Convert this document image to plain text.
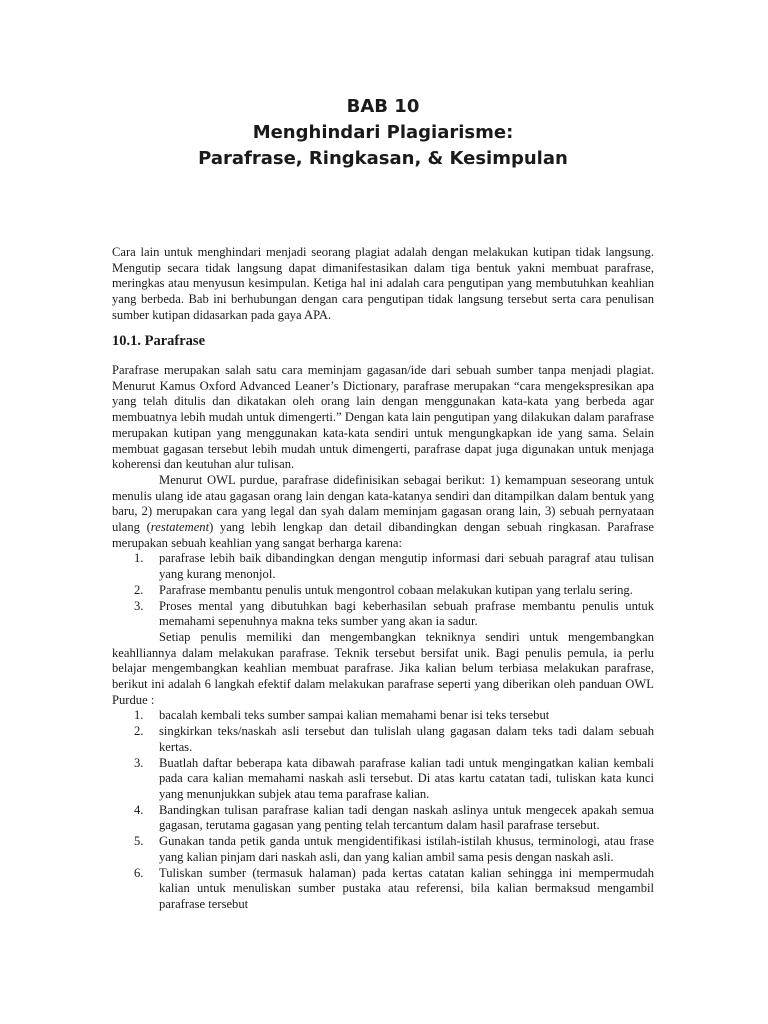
BAB 10
Menghindari Plagiarisme:
Parafrase, Ringkasan, & Kesimpulan

Cara lain untuk menghindari menjadi seorang plagiat adalah dengan melakukan kutipan tidak langsung. Mengutip secara tidak langsung dapat dimanifestasikan dalam tiga bentuk yakni membuat parafrase, meringkas atau menyusun kesimpulan. Ketiga hal ini adalah cara pengutipan yang membutuhkan keahlian yang berbeda. Bab ini berhubungan dengan cara pengutipan tidak langsung tersebut serta cara penulisan sumber kutipan didasarkan pada gaya APA.

10.1. Parafrase

Parafrase merupakan salah satu cara meminjam gagasan/ide dari sebuah sumber tanpa menjadi plagiat. Menurut Kamus Oxford Advanced Leaner’s Dictionary, parafrase merupakan “cara mengekspresikan apa yang telah ditulis dan dikatakan oleh orang lain dengan menggunakan kata-kata yang berbeda agar membuatnya lebih mudah untuk dimengerti.” Dengan kata lain pengutipan yang dilakukan dalam parafrase merupakan kutipan yang menggunakan kata-kata sendiri untuk mengungkapkan ide yang sama. Selain membuat gagasan tersebut lebih mudah untuk dimengerti, parafrase dapat juga digunakan untuk menjaga koherensi dan keutuhan alur tulisan.

Menurut OWL purdue, parafrase didefinisikan sebagai berikut: 1) kemampuan seseorang untuk menulis ulang ide atau gagasan orang lain dengan kata-katanya sendiri dan ditampilkan dalam bentuk yang baru, 2) merupakan cara yang legal dan syah dalam meminjam gagasan orang lain, 3) sebuah pernyataan ulang (restatement) yang lebih lengkap dan detail dibandingkan dengan sebuah ringkasan. Parafrase merupakan sebuah keahlian yang sangat berharga karena:

1. parafrase lebih baik dibandingkan dengan mengutip informasi dari sebuah paragraf atau tulisan yang kurang menonjol.
2. Parafrase membantu penulis untuk mengontrol cobaan melakukan kutipan yang terlalu sering.
3. Proses mental yang dibutuhkan bagi keberhasilan sebuah prafrase membantu penulis untuk memahami sepenuhnya makna teks sumber yang akan ia sadur.

Setiap penulis memiliki dan mengembangkan tekniknya sendiri untuk mengembangkan keahlliannya dalam melakukan parafrase. Teknik tersebut bersifat unik. Bagi penulis pemula, ia perlu belajar mengembangkan keahlian membuat parafrase. Jika kalian belum terbiasa melakukan parafrase, berikut ini adalah 6 langkah efektif dalam melakukan parafrase seperti yang diberikan oleh panduan OWL Purdue :

1. bacalah kembali teks sumber sampai kalian memahami benar isi teks tersebut
2. singkirkan teks/naskah asli tersebut dan tulislah ulang gagasan dalam teks tadi dalam sebuah kertas.
3. Buatlah daftar beberapa kata dibawah parafrase kalian tadi untuk mengingatkan kalian kembali pada cara kalian memahami naskah asli tersebut. Di atas kartu catatan tadi, tuliskan kata kunci yang menunjukkan subjek atau tema parafrase kalian.
4. Bandingkan tulisan parafrase kalian tadi dengan naskah aslinya untuk mengecek apakah semua gagasan, terutama gagasan yang penting telah tercantum dalam hasil parafrase tersebut.
5. Gunakan tanda petik ganda untuk mengidentifikasi istilah-istilah khusus, terminologi, atau frase yang kalian pinjam dari naskah asli, dan yang kalian ambil sama pesis dengan naskah asli.
6. Tuliskan sumber (termasuk halaman) pada kertas catatan kalian sehingga ini mempermudah kalian untuk menuliskan sumber pustaka atau referensi, bila kalian bermaksud mengambil parafrase tersebut
